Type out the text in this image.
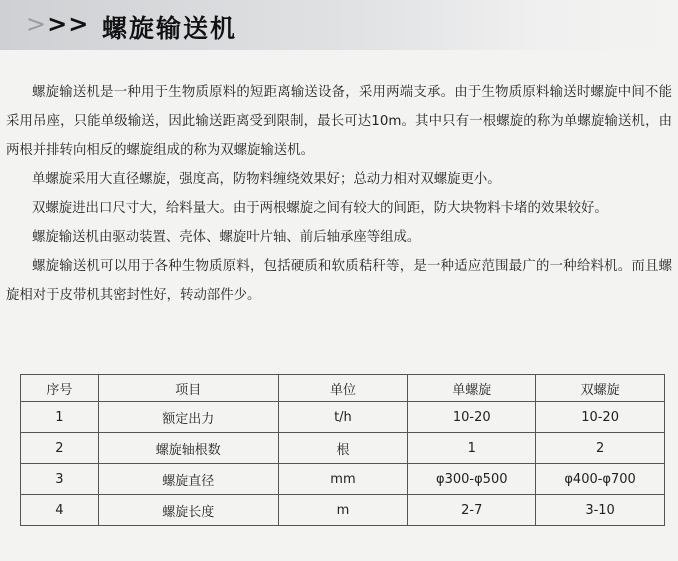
>>> 螺旋输送机

螺旋输送机是一种用于生物质原料的短距离输送设备，采用两端支承。由于生物质原料输送时螺旋中间不能采用吊座，只能单级输送，因此输送距离受到限制，最长可达10m。其中只有一根螺旋的称为单螺旋输送机，由两根并排转向相反的螺旋组成的称为双螺旋输送机。

单螺旋采用大直径螺旋，强度高，防物料缠绕效果好；总动力相对双螺旋更小。

双螺旋进出口尺寸大，给料量大。由于两根螺旋之间有较大的间距，防大块物料卡堵的效果较好。

螺旋输送机由驱动装置、壳体、螺旋叶片轴、前后轴承座等组成。

螺旋输送机可以用于各种生物质原料，包括硬质和软质秸秆等，是一种适应范围最广的一种给料机。而且螺旋相对于皮带机其密封性好，转动部件少。

序号	项目	单位	单螺旋	双螺旋
1	额定出力	t/h	10-20	10-20
2	螺旋轴根数	根	1	2
3	螺旋直径	mm	φ300-φ500	φ400-φ700
4	螺旋长度	m	2-7	3-10
